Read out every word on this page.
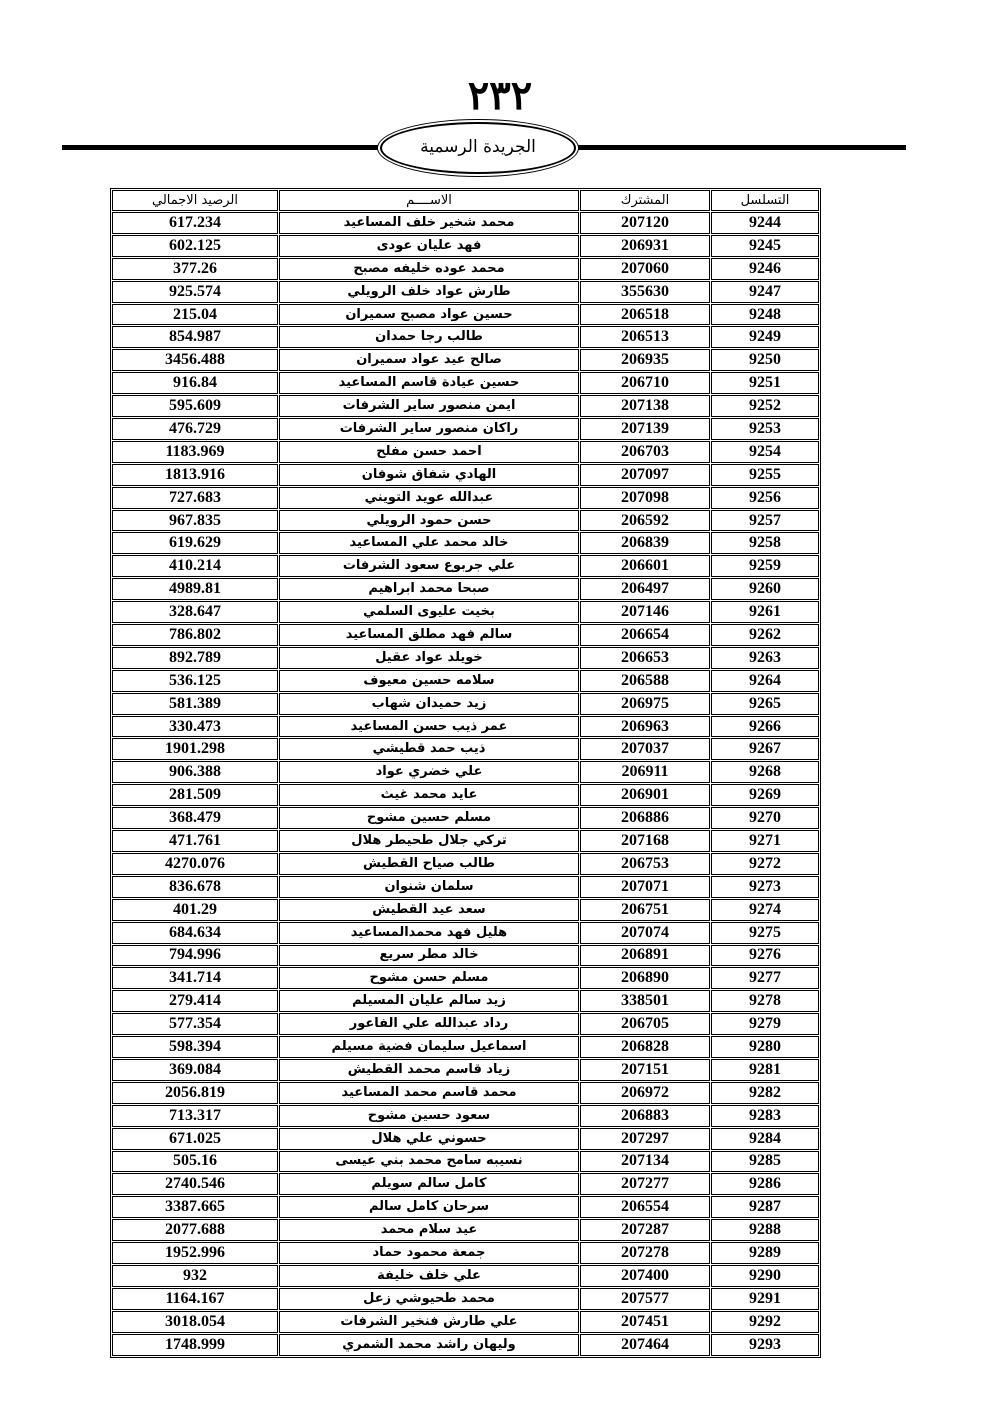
٢٣٢
الجريدة الرسمية
الرصيد الاجمالي	الاســــم	المشترك	التسلسل
617.234	محمد شخير خلف المساعيد	207120	9244
602.125	فهد عليان عودى	206931	9245
377.26	محمد عوده خليفه مصبح	207060	9246
925.574	طارش عواد خلف الرويلي	355630	9247
215.04	حسين عواد مصبح سميران	206518	9248
854.987	طالب رجا حمدان	206513	9249
3456.488	صالح عيد عواد سميران	206935	9250
916.84	حسين عيادة قاسم المساعيد	206710	9251
595.609	ايمن منصور ساير الشرفات	207138	9252
476.729	راكان منصور ساير الشرفات	207139	9253
1183.969	احمد حسن مفلح	206703	9254
1813.916	الهادي شفاق شوفان	207097	9255
727.683	عبدالله عويد التويني	207098	9256
967.835	حسن حمود الرويلي	206592	9257
619.629	خالد محمد علي المساعيد	206839	9258
410.214	علي جربوع سعود الشرفات	206601	9259
4989.81	صبحا محمد ابراهيم	206497	9260
328.647	بخيت عليوى السلمي	207146	9261
786.802	سالم فهد مطلق المساعيد	206654	9262
892.789	خويلد عواد عقيل	206653	9263
536.125	سلامه حسين معيوف	206588	9264
581.389	زيد حميدان شهاب	206975	9265
330.473	عمر ذيب حسن المساعيد	206963	9266
1901.298	ذيب حمد قطيشي	207037	9267
906.388	علي خضري عواد	206911	9268
281.509	عايد محمد غيث	206901	9269
368.479	مسلم حسين مشوح	206886	9270
471.761	تركي جلال طحيطر هلال	207168	9271
4270.076	طالب صياح القطيش	206753	9272
836.678	سلمان شنوان	207071	9273
401.29	سعد عيد القطيش	206751	9274
684.634	هليل فهد محمدالمساعيد	207074	9275
794.996	خالد مطر سريع	206891	9276
341.714	مسلم حسن مشوح	206890	9277
279.414	زيد سالم عليان المسيلم	338501	9278
577.354	رداد عبدالله علي الفاعور	206705	9279
598.394	اسماعيل سليمان فضية مسيلم	206828	9280
369.084	زياد قاسم محمد القطيش	207151	9281
2056.819	محمد قاسم محمد المساعيد	206972	9282
713.317	سعود حسين مشوح	206883	9283
671.025	حسوني علي هلال	207297	9284
505.16	نسيبه سامح محمد بني عيسى	207134	9285
2740.546	كامل سالم سويلم	207277	9286
3387.665	سرحان كامل سالم	206554	9287
2077.688	عيد سلام محمد	207287	9288
1952.996	جمعة محمود حماد	207278	9289
932	علي خلف خليفة	207400	9290
1164.167	محمد طحيوشي زعل	207577	9291
3018.054	علي طارش فنخير الشرفات	207451	9292
1748.999	وليهان راشد محمد الشمري	207464	9293
